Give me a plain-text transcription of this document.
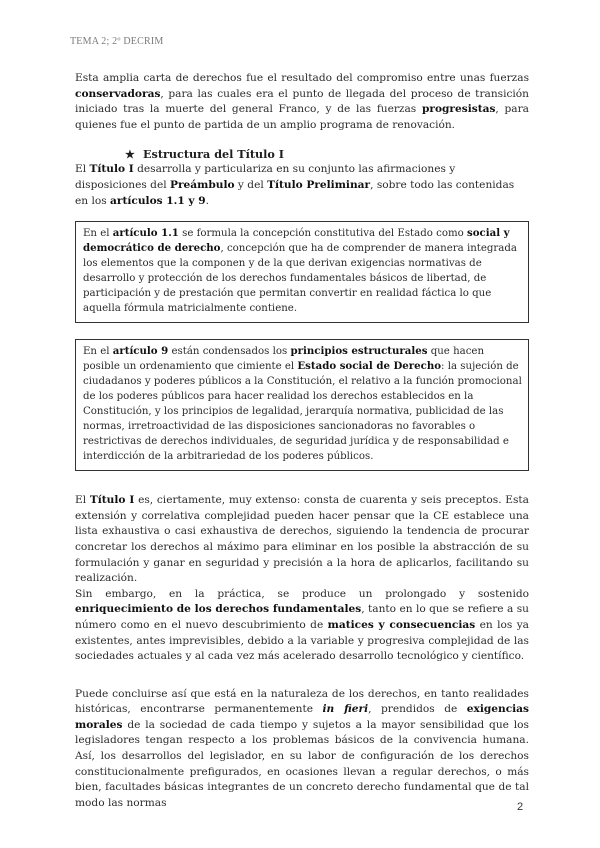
TEMA 2; 2º DECRIM

Esta amplia carta de derechos fue el resultado del compromiso entre unas fuerzas conservadoras, para las cuales era el punto de llegada del proceso de transición iniciado tras la muerte del general Franco, y de las fuerzas progresistas, para quienes fue el punto de partida de un amplio programa de renovación.

★ Estructura del Título I

El Título I desarrolla y particulariza en su conjunto las afirmaciones y disposiciones del Preámbulo y del Título Preliminar, sobre todo las contenidas en los artículos 1.1 y 9.

En el artículo 1.1 se formula la concepción constitutiva del Estado como social y democrático de derecho, concepción que ha de comprender de manera integrada los elementos que la componen y de la que derivan exigencias normativas de desarrollo y protección de los derechos fundamentales básicos de libertad, de participación y de prestación que permitan convertir en realidad fáctica lo que aquella fórmula matricialmente contiene.

En el artículo 9 están condensados los principios estructurales que hacen posible un ordenamiento que cimiente el Estado social de Derecho: la sujeción de ciudadanos y poderes públicos a la Constitución, el relativo a la función promocional de los poderes públicos para hacer realidad los derechos establecidos en la Constitución, y los principios de legalidad, jerarquía normativa, publicidad de las normas, irretroactividad de las disposiciones sancionadoras no favorables o restrictivas de derechos individuales, de seguridad jurídica y de responsabilidad e interdicción de la arbitrariedad de los poderes públicos.

El Título I es, ciertamente, muy extenso: consta de cuarenta y seis preceptos. Esta extensión y correlativa complejidad pueden hacer pensar que la CE establece una lista exhaustiva o casi exhaustiva de derechos, siguiendo la tendencia de procurar concretar los derechos al máximo para eliminar en los posible la abstracción de su formulación y ganar en seguridad y precisión a la hora de aplicarlos, facilitando su realización.

Sin embargo, en la práctica, se produce un prolongado y sostenido enriquecimiento de los derechos fundamentales, tanto en lo que se refiere a su número como en el nuevo descubrimiento de matices y consecuencias en los ya existentes, antes imprevisibles, debido a la variable y progresiva complejidad de las sociedades actuales y al cada vez más acelerado desarrollo tecnológico y científico.

Puede concluirse así que está en la naturaleza de los derechos, en tanto realidades históricas, encontrarse permanentemente in fieri, prendidos de exigencias morales de la sociedad de cada tiempo y sujetos a la mayor sensibilidad que los legisladores tengan respecto a los problemas básicos de la convivencia humana. Así, los desarrollos del legislador, en su labor de configuración de los derechos constitucionalmente prefigurados, en ocasiones llevan a regular derechos, o más bien, facultades básicas integrantes de un concreto derecho fundamental que de tal modo las normas	2
